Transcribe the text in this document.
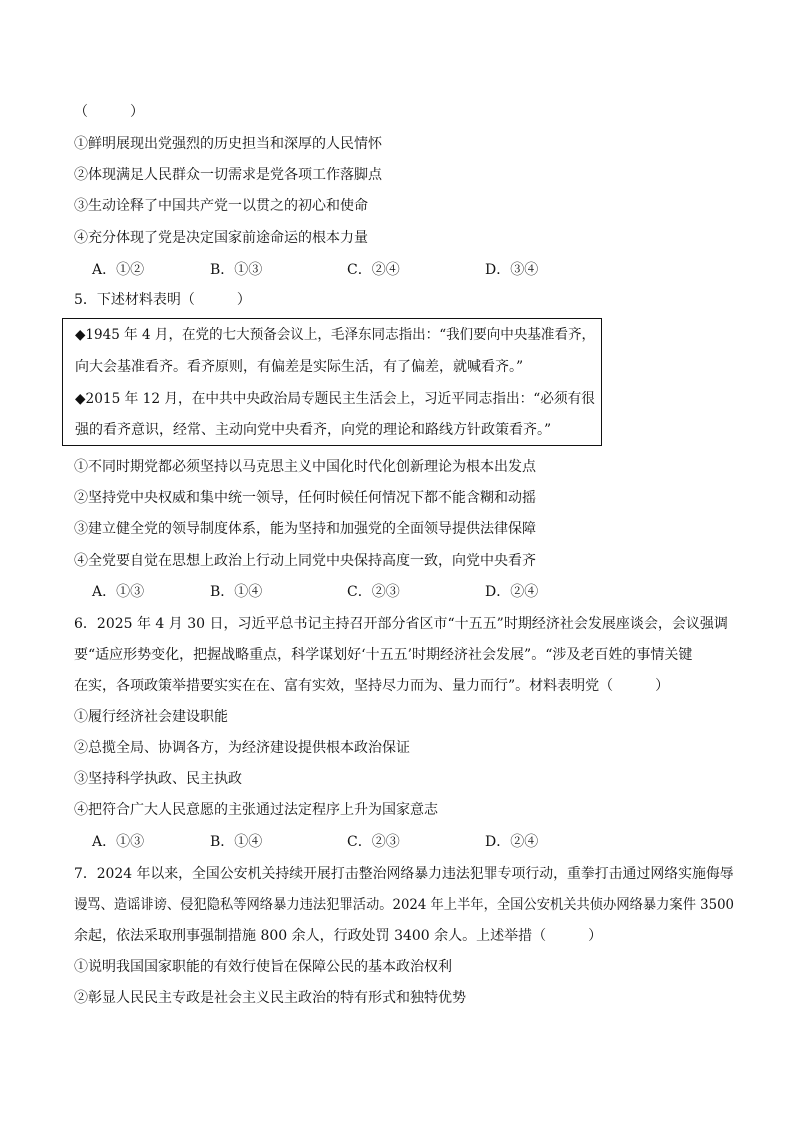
（　　　）
①鲜明展现出党强烈的历史担当和深厚的人民情怀
②体现满足人民群众一切需求是党各项工作落脚点
③生动诠释了中国共产党一以贯之的初心和使命
④充分体现了党是决定国家前途命运的根本力量
A．①②	B．①③	C．②④	D．③④
5．下述材料表明（　　　）
◆1945 年 4 月，在党的七大预备会议上，毛泽东同志指出：“我们要向中央基准看齐，
向大会基准看齐。看齐原则，有偏差是实际生活，有了偏差，就喊看齐。”
◆2015 年 12 月，在中共中央政治局专题民主生活会上，习近平同志指出：“必须有很
强的看齐意识，经常、主动向党中央看齐，向党的理论和路线方针政策看齐。”
①不同时期党都必须坚持以马克思主义中国化时代化创新理论为根本出发点
②坚持党中央权威和集中统一领导，任何时候任何情况下都不能含糊和动摇
③建立健全党的领导制度体系，能为坚持和加强党的全面领导提供法律保障
④全党要自觉在思想上政治上行动上同党中央保持高度一致，向党中央看齐
A．①③	B．①④	C．②③	D．②④
6．2025 年 4 月 30 日，习近平总书记主持召开部分省区市“十五五”时期经济社会发展座谈会，会议强调
要“适应形势变化，把握战略重点，科学谋划好‘十五五’时期经济社会发展”。“涉及老百姓的事情关键
在实，各项政策举措要实实在在、富有实效，坚持尽力而为、量力而行”。材料表明党（　　　）
①履行经济社会建设职能
②总揽全局、协调各方，为经济建设提供根本政治保证
③坚持科学执政、民主执政
④把符合广大人民意愿的主张通过法定程序上升为国家意志
A．①③	B．①④	C．②③	D．②④
7．2024 年以来，全国公安机关持续开展打击整治网络暴力违法犯罪专项行动，重拳打击通过网络实施侮辱
谩骂、造谣诽谤、侵犯隐私等网络暴力违法犯罪活动。2024 年上半年，全国公安机关共侦办网络暴力案件 3500
余起，依法采取刑事强制措施 800 余人，行政处罚 3400 余人。上述举措（　　　）
①说明我国国家职能的有效行使旨在保障公民的基本政治权利
②彰显人民民主专政是社会主义民主政治的特有形式和独特优势
